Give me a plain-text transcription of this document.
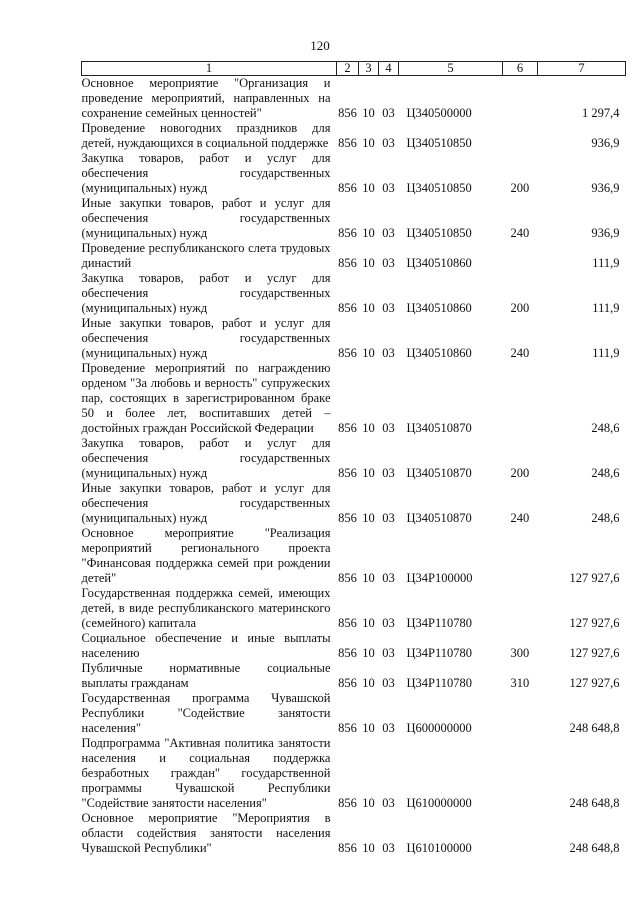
120
1	2	3	4	5	6	7
Основное мероприятие "Организация и проведение мероприятий, направленных на сохранение семейных ценностей"	856	10	03	Ц340500000		1 297,4
Проведение новогодних праздников для детей, нуждающихся в социальной поддержке	856	10	03	Ц340510850		936,9
Закупка товаров, работ и услуг для обеспечения государственных (муниципальных) нужд	856	10	03	Ц340510850	200	936,9
Иные закупки товаров, работ и услуг для обеспечения государственных (муниципальных) нужд	856	10	03	Ц340510850	240	936,9
Проведение республиканского слета трудовых династий	856	10	03	Ц340510860		111,9
Закупка товаров, работ и услуг для обеспечения государственных (муниципальных) нужд	856	10	03	Ц340510860	200	111,9
Иные закупки товаров, работ и услуг для обеспечения государственных (муниципальных) нужд	856	10	03	Ц340510860	240	111,9
Проведение мероприятий по награждению орденом "За любовь и верность" супружеских пар, состоящих в зарегистрированном браке 50 и более лет, воспитавших детей – достойных граждан Российской Федерации	856	10	03	Ц340510870		248,6
Закупка товаров, работ и услуг для обеспечения государственных (муниципальных) нужд	856	10	03	Ц340510870	200	248,6
Иные закупки товаров, работ и услуг для обеспечения государственных (муниципальных) нужд	856	10	03	Ц340510870	240	248,6
Основное мероприятие "Реализация мероприятий регионального проекта "Финансовая поддержка семей при рождении детей"	856	10	03	Ц34Р100000		127 927,6
Государственная поддержка семей, имеющих детей, в виде республиканского материнского (семейного) капитала	856	10	03	Ц34Р110780		127 927,6
Социальное обеспечение и иные выплаты населению	856	10	03	Ц34Р110780	300	127 927,6
Публичные нормативные социальные выплаты гражданам	856	10	03	Ц34Р110780	310	127 927,6
Государственная программа Чувашской Республики "Содействие занятости населения"	856	10	03	Ц600000000		248 648,8
Подпрограмма "Активная политика занятости населения и социальная поддержка безработных граждан" государственной программы Чувашской Республики "Содействие занятости населения"	856	10	03	Ц610000000		248 648,8
Основное мероприятие "Мероприятия в области содействия занятости населения Чувашской Республики"	856	10	03	Ц610100000		248 648,8
